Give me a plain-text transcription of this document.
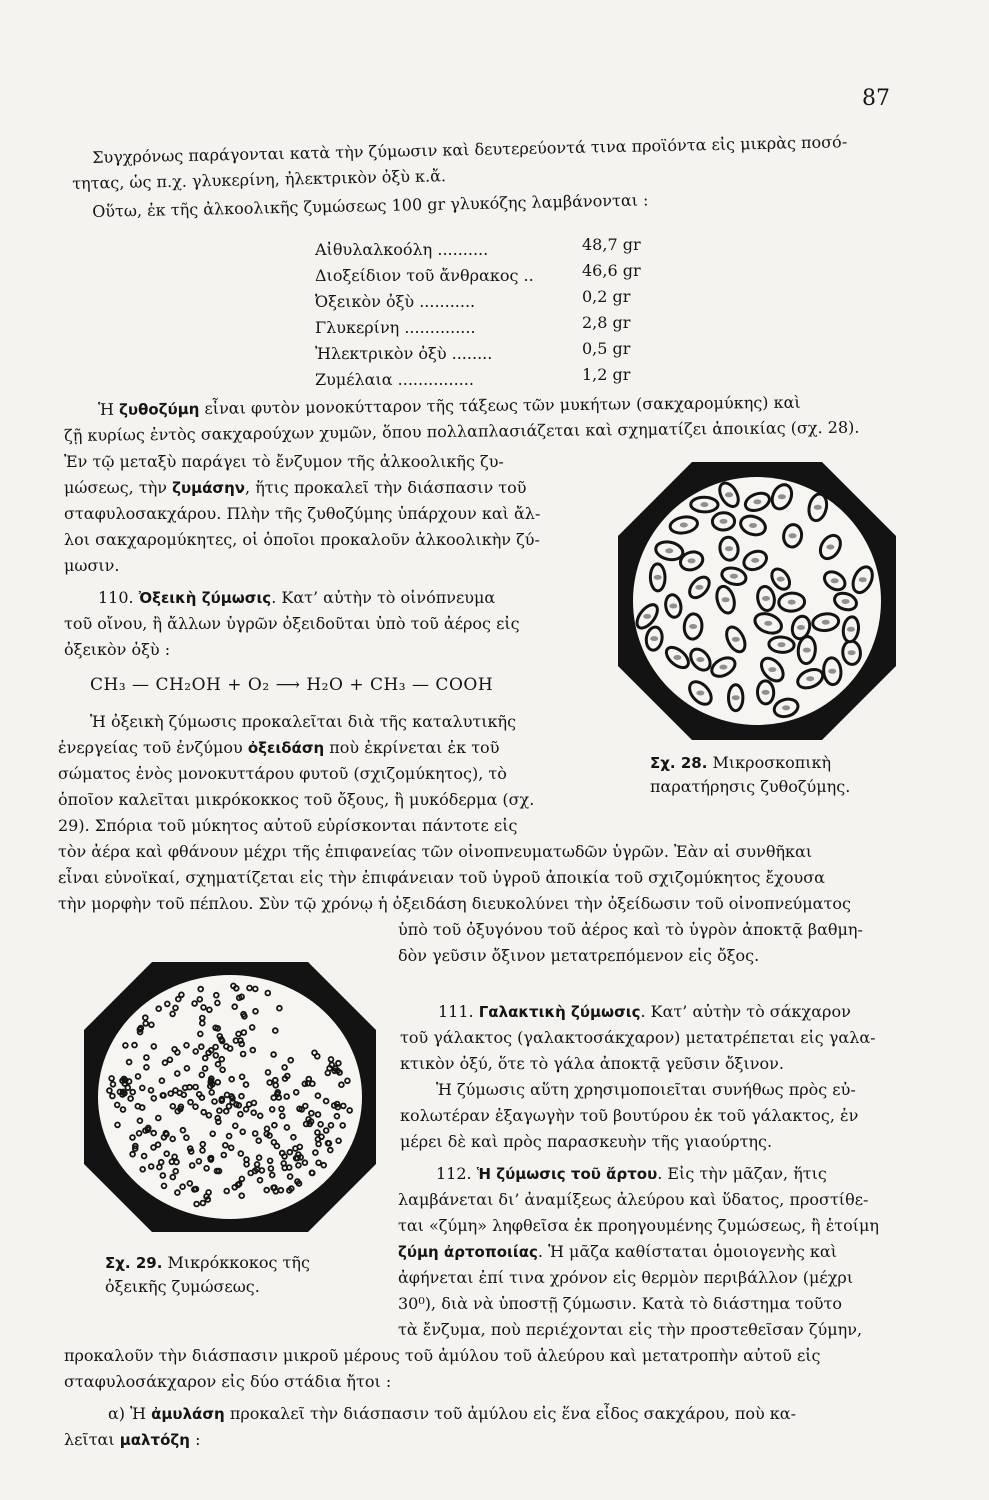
87
Συγχρόνως παράγονται κατὰ τὴν ζύμωσιν καὶ δευτερεύοντά τινα προϊόντα εἰς μικρὰς ποσό-
τητας, ὡς π.χ. γλυκερίνη, ἠλεκτρικὸν ὀξὺ κ.ἄ.
Οὕτω, ἐκ τῆς ἀλκοολικῆς ζυμώσεως 100 gr γλυκόζης λαμβάνονται :
Αἰθυλαλκοόλη ..........	48,7 gr
Διοξείδιον τοῦ ἄνθρακος ..	46,6 gr
Ὀξεικὸν ὀξὺ ...........	0,2 gr
Γλυκερίνη ..............	2,8 gr
Ἠλεκτρικὸν ὀξὺ ........	0,5 gr
Ζυμέλαια ...............	1,2 gr
Ἡ ζυθοζύμη εἶναι φυτὸν μονοκύτταρον τῆς τάξεως τῶν μυκήτων (σακχαρομύκης) καὶ
ζῇ κυρίως ἐντὸς σακχαρούχων χυμῶν, ὅπου πολλαπλασιάζεται καὶ σχηματίζει ἀποικίας (σχ. 28).
Ἐν τῷ μεταξὺ παράγει τὸ ἔνζυμον τῆς ἀλκοολικῆς ζυ-
μώσεως, τὴν ζυμάσην, ἥτις προκαλεῖ τὴν διάσπασιν τοῦ
σταφυλοσακχάρου. Πλὴν τῆς ζυθοζύμης ὑπάρχουν καὶ ἄλ-
λοι σακχαρομύκητες, οἱ ὁποῖοι προκαλοῦν ἀλκοολικὴν ζύ-
μωσιν.
110. Ὀξεικὴ ζύμωσις. Κατ’ αὐτὴν τὸ οἰνόπνευμα
τοῦ οἴνου, ἢ ἄλλων ὑγρῶν ὀξειδοῦται ὑπὸ τοῦ ἀέρος εἰς
ὀξεικὸν ὀξὺ :
CH₃ — CH₂OH + O₂ ⟶ H₂O + CH₃ — COOH
Ἡ ὀξεικὴ ζύμωσις προκαλεῖται διὰ τῆς καταλυτικῆς
ἐνεργείας τοῦ ἐνζύμου ὀξειδάση ποὺ ἐκρίνεται ἐκ τοῦ
σώματος ἑνὸς μονοκυττάρου φυτοῦ (σχιζομύκητος), τὸ
ὁποῖον καλεῖται μικρόκοκκος τοῦ ὄξους, ἢ μυκόδερμα (σχ.
29). Σπόρια τοῦ μύκητος αὐτοῦ εὑρίσκονται πάντοτε εἰς
τὸν ἀέρα καὶ φθάνουν μέχρι τῆς ἐπιφανείας τῶν οἰνοπνευματωδῶν ὑγρῶν. Ἐὰν αἱ συνθῆκαι
εἶναι εὐνοϊκαί, σχηματίζεται εἰς τὴν ἐπιφάνειαν τοῦ ὑγροῦ ἀποικία τοῦ σχιζομύκητος ἔχουσα
τὴν μορφὴν τοῦ πέπλου. Σὺν τῷ χρόνῳ ἡ ὀξειδάση διευκολύνει τὴν ὀξείδωσιν τοῦ οἰνοπνεύματος
ὑπὸ τοῦ ὀξυγόνου τοῦ ἀέρος καὶ τὸ ὑγρὸν ἀποκτᾷ βαθμη-
δὸν γεῦσιν ὄξινον μετατρεπόμενον εἰς ὄξος.
Σχ. 28. Μικροσκοπικὴ
παρατήρησις ζυθοζύμης.
Σχ. 29. Μικρόκκοκος τῆς
ὀξεικῆς ζυμώσεως.
111. Γαλακτικὴ ζύμωσις. Κατ’ αὐτὴν τὸ σάκχαρον
τοῦ γάλακτος (γαλακτοσάκχαρον) μετατρέπεται εἰς γαλα-
κτικὸν ὀξύ, ὅτε τὸ γάλα ἀποκτᾷ γεῦσιν ὄξινον.
Ἡ ζύμωσις αὕτη χρησιμοποιεῖται συνήθως πρὸς εὐ-
κολωτέραν ἐξαγωγὴν τοῦ βουτύρου ἐκ τοῦ γάλακτος, ἐν
μέρει δὲ καὶ πρὸς παρασκευὴν τῆς γιαούρτης.
112. Ἡ ζύμωσις τοῦ ἄρτου. Εἰς τὴν μᾶζαν, ἥτις
λαμβάνεται δι’ ἀναμίξεως ἀλεύρου καὶ ὕδατος, προστίθε-
ται «ζύμη» ληφθεῖσα ἐκ προηγουμένης ζυμώσεως, ἢ ἑτοίμη
ζύμη ἀρτοποιίας. Ἡ μᾶζα καθίσταται ὁμοιογενὴς καὶ
ἀφήνεται ἐπί τινα χρόνον εἰς θερμὸν περιβάλλον (μέχρι
30⁰), διὰ νὰ ὑποστῇ ζύμωσιν. Κατὰ τὸ διάστημα τοῦτο
τὰ ἔνζυμα, ποὺ περιέχονται εἰς τὴν προστεθεῖσαν ζύμην,
προκαλοῦν τὴν διάσπασιν μικροῦ μέρους τοῦ ἀμύλου τοῦ ἀλεύρου καὶ μετατροπὴν αὐτοῦ εἰς
σταφυλοσάκχαρον εἰς δύο στάδια ἤτοι :
α) Ἡ ἀμυλάση προκαλεῖ τὴν διάσπασιν τοῦ ἀμύλου εἰς ἕνα εἶδος σακχάρου, ποὺ κα-
λεῖται μαλτόζη :
